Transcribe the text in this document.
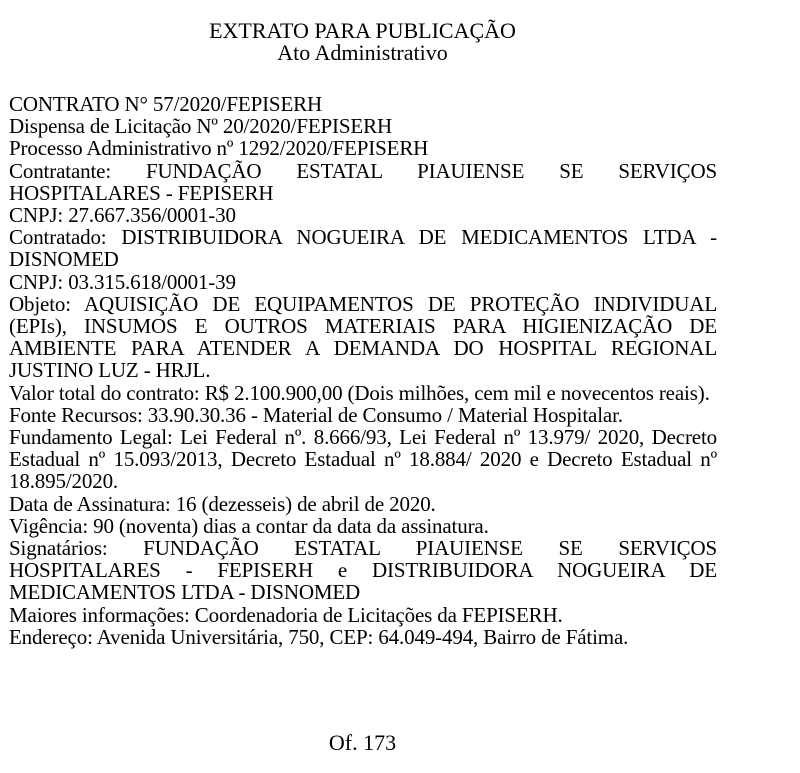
EXTRATO PARA PUBLICAÇÃO
Ato Administrativo

CONTRATO N° 57/2020/FEPISERH

Dispensa de Licitação Nº 20/2020/FEPISERH

Processo Administrativo nº 1292/2020/FEPISERH

Contratante: FUNDAÇÃO ESTATAL PIAUIENSE SE SERVIÇOS HOSPITALARES - FEPISERH

CNPJ: 27.667.356/0001-30

Contratado: DISTRIBUIDORA NOGUEIRA DE MEDICAMENTOS LTDA - DISNOMED

CNPJ: 03.315.618/0001-39

Objeto: AQUISIÇÃO DE EQUIPAMENTOS DE PROTEÇÃO INDIVIDUAL (EPIs), INSUMOS E OUTROS MATERIAIS PARA HIGIENIZAÇÃO DE AMBIENTE PARA ATENDER A DEMANDA DO HOSPITAL REGIONAL JUSTINO LUZ - HRJL.

Valor total do contrato: R$ 2.100.900,00 (Dois milhões, cem mil e novecentos reais).

Fonte Recursos: 33.90.30.36 - Material de Consumo / Material Hospitalar.

Fundamento Legal: Lei Federal nº. 8.666/93, Lei Federal nº 13.979/ 2020, Decreto Estadual nº 15.093/2013, Decreto Estadual nº 18.884/ 2020 e Decreto Estadual nº 18.895/2020.

Data de Assinatura: 16 (dezesseis) de abril de 2020.

Vigência: 90 (noventa) dias a contar da data da assinatura.

Signatários: FUNDAÇÃO ESTATAL PIAUIENSE SE SERVIÇOS HOSPITALARES - FEPISERH e DISTRIBUIDORA NOGUEIRA DE MEDICAMENTOS LTDA - DISNOMED

Maiores informações: Coordenadoria de Licitações da FEPISERH.

Endereço: Avenida Universitária, 750, CEP: 64.049-494, Bairro de Fátima.

Of. 173
